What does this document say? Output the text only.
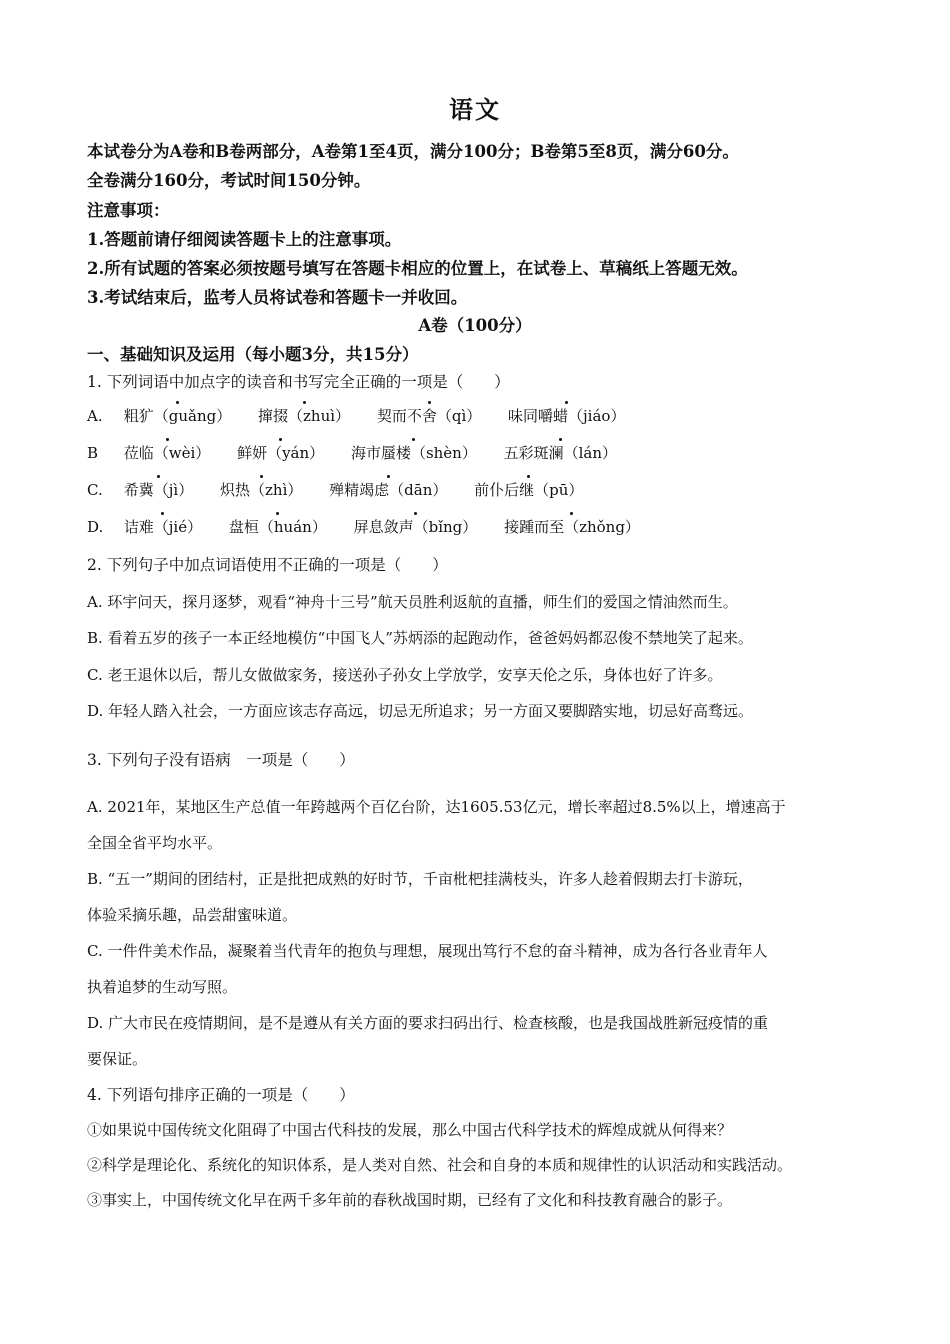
语文
本试卷分为A卷和B卷两部分，A卷第1至4页，满分100分；B卷第5至8页，满分60分。
全卷满分160分，考试时间150分钟。
注意事项：
1.答题前请仔细阅读答题卡上的注意事项。
2.所有试题的答案必须按题号填写在答题卡相应的位置上，在试卷上、草稿纸上答题无效。
3.考试结束后，监考人员将试卷和答题卡一并收回。
A卷（100分）
一、基础知识及运用（每小题3分，共15分）
1. 下列词语中加点字的读音和书写完全正确的一项是（　　）
A. 粗犷（guǎng） 撺掇（zhuì） 契而不舍（qì） 味同嚼蜡（jiáo）
B 莅临（wèi） 鲜妍（yán） 海市蜃楼（shèn） 五彩斑澜（lán）
C. 希冀（jì） 炽热（zhì） 殚精竭虑（dān） 前仆后继（pū）
D. 诘难（jié） 盘桓（huán） 屏息敛声（bǐng） 接踵而至（zhǒng）
2. 下列句子中加点词语使用不正确的一项是（　　）
A. 环宇问天，探月逐梦，观看“神舟十三号”航天员胜利返航的直播，师生们的爱国之情油然而生。
B. 看着五岁的孩子一本正经地模仿“中国飞人”苏炳添的起跑动作，爸爸妈妈都忍俊不禁地笑了起来。
C. 老王退休以后，帮儿女做做家务，接送孙子孙女上学放学，安享天伦之乐，身体也好了许多。
D. 年轻人踏入社会，一方面应该志存高远，切忌无所追求；另一方面又要脚踏实地，切忌好高骛远。
3. 下列句子没有语病　一项是（　　）
A. 2021年，某地区生产总值一年跨越两个百亿台阶，达1605.53亿元，增长率超过8.5%以上，增速高于
全国全省平均水平。
B. “五一”期间的团结村，正是批把成熟的好时节，千亩枇杷挂满枝头，许多人趁着假期去打卡游玩，
体验采摘乐趣，品尝甜蜜味道。
C. 一件件美术作品，凝聚着当代青年的抱负与理想，展现出笃行不怠的奋斗精神，成为各行各业青年人
执着追梦的生动写照。
D. 广大市民在疫情期间，是不是遵从有关方面的要求扫码出行、检查核酸，也是我国战胜新冠疫情的重
要保证。
4. 下列语句排序正确的一项是（　　）
①如果说中国传统文化阻碍了中国古代科技的发展，那么中国古代科学技术的辉煌成就从何得来？
②科学是理论化、系统化的知识体系，是人类对自然、社会和自身的本质和规律性的认识活动和实践活动。
③事实上，中国传统文化早在两千多年前的春秋战国时期，已经有了文化和科技教育融合的影子。
